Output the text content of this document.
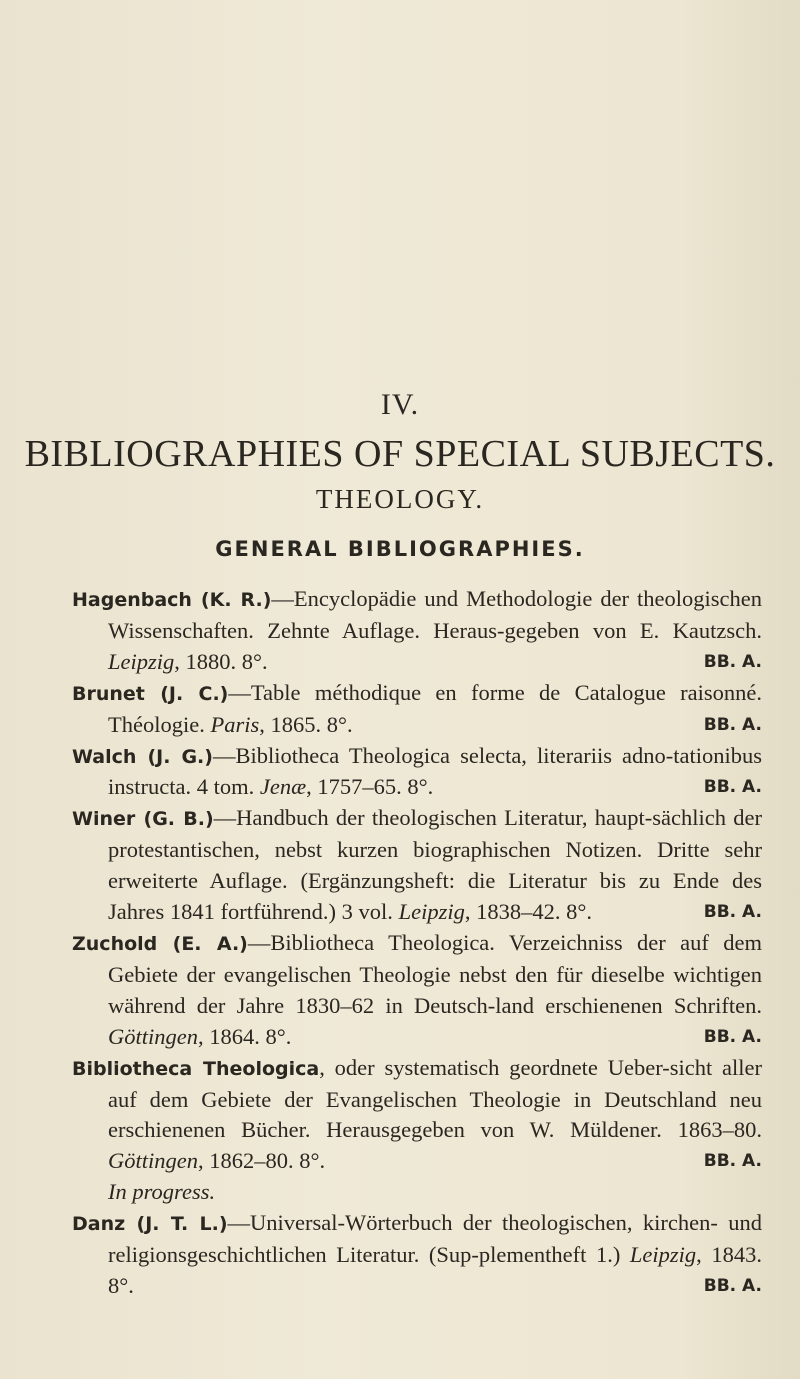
IV.
BIBLIOGRAPHIES OF SPECIAL SUBJECTS.
THEOLOGY.
GENERAL BIBLIOGRAPHIES.
Hagenbach (K. R.)—Encyclopädie und Methodologie der theologischen Wissenschaften. Zehnte Auflage. Heraus-gegeben von E. Kautzsch. Leipzig, 1880. 8°.	BB. A.
Brunet (J. C.)—Table méthodique en forme de Catalogue raisonné. Théologie. Paris, 1865. 8°.	BB. A.
Walch (J. G.)—Bibliotheca Theologica selecta, literariis adno-tationibus instructa. 4 tom. Jenæ, 1757–65. 8°.	BB. A.
Winer (G. B.)—Handbuch der theologischen Literatur, haupt-sächlich der protestantischen, nebst kurzen biographischen Notizen. Dritte sehr erweiterte Auflage. (Ergänzungsheft: die Literatur bis zu Ende des Jahres 1841 fortführend.) 3 vol. Leipzig, 1838–42. 8°.	BB. A.
Zuchold (E. A.)—Bibliotheca Theologica. Verzeichniss der auf dem Gebiete der evangelischen Theologie nebst den für dieselbe wichtigen während der Jahre 1830–62 in Deutsch-land erschienenen Schriften. Göttingen, 1864. 8°.	BB. A.
Bibliotheca Theologica, oder systematisch geordnete Ueber-sicht aller auf dem Gebiete der Evangelischen Theologie in Deutschland neu erschienenen Bücher. Herausgegeben von W. Müldener. 1863–80. Göttingen, 1862–80. 8°.	BB. A.
In progress.
Danz (J. T. L.)—Universal-Wörterbuch der theologischen, kirchen- und religionsgeschichtlichen Literatur. (Sup-plementheft 1.) Leipzig, 1843. 8°.	BB. A.
